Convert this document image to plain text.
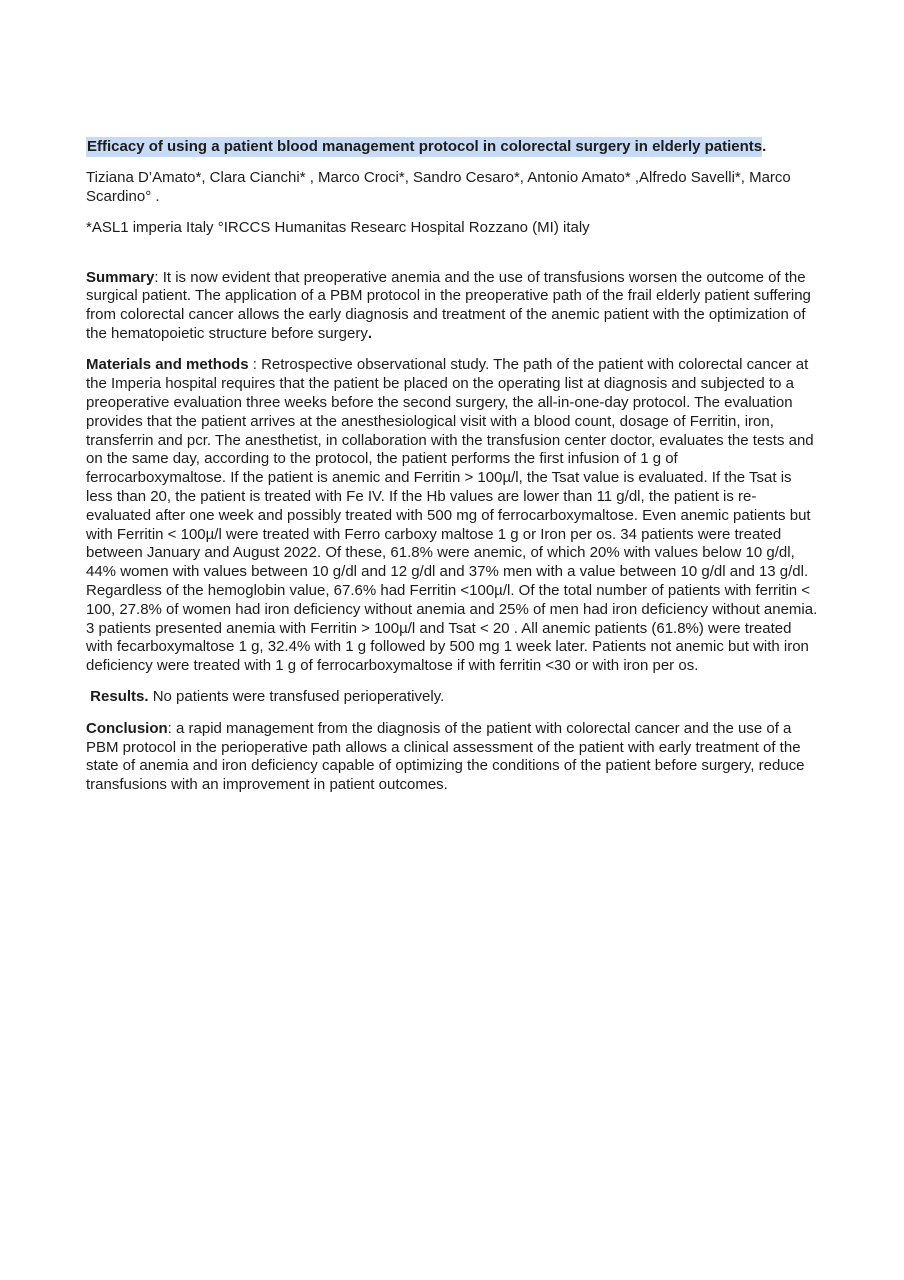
Efficacy of using a patient blood management protocol in colorectal surgery in elderly patients.

Tiziana D’Amato*, Clara Cianchi* , Marco Croci*, Sandro Cesaro*, Antonio Amato* ,Alfredo Savelli*, Marco Scardino° .

*ASL1 imperia Italy °IRCCS Humanitas Researc Hospital Rozzano (MI) italy

Summary: It is now evident that preoperative anemia and the use of transfusions worsen the outcome of the surgical patient. The application of a PBM protocol in the preoperative path of the frail elderly patient suffering from colorectal cancer allows the early diagnosis and treatment of the anemic patient with the optimization of the hematopoietic structure before surgery.

Materials and methods : Retrospective observational study. The path of the patient with colorectal cancer at the Imperia hospital requires that the patient be placed on the operating list at diagnosis and subjected to a preoperative evaluation three weeks before the second surgery, the all-in-one-day protocol. The evaluation provides that the patient arrives at the anesthesiological visit with a blood count, dosage of Ferritin, iron, transferrin and pcr. The anesthetist, in collaboration with the transfusion center doctor, evaluates the tests and on the same day, according to the protocol, the patient performs the first infusion of 1 g of ferrocarboxymaltose. If the patient is anemic and Ferritin > 100µ/l, the Tsat value is evaluated. If the Tsat is less than 20, the patient is treated with Fe IV. If the Hb values are lower than 11 g/dl, the patient is re-evaluated after one week and possibly treated with 500 mg of ferrocarboxymaltose. Even anemic patients but with Ferritin < 100µ/l were treated with Ferro carboxy maltose 1 g or Iron per os. 34 patients were treated between January and August 2022. Of these, 61.8% were anemic, of which 20% with values below 10 g/dl, 44% women with values between 10 g/dl and 12 g/dl and 37% men with a value between 10 g/dl and 13 g/dl. Regardless of the hemoglobin value, 67.6% had Ferritin <100µ/l. Of the total number of patients with ferritin < 100, 27.8% of women had iron deficiency without anemia and 25% of men had iron deficiency without anemia. 3 patients presented anemia with Ferritin > 100µ/l and Tsat < 20 . All anemic patients (61.8%) were treated with fecarboxymaltose 1 g, 32.4% with 1 g followed by 500 mg 1 week later. Patients not anemic but with iron deficiency were treated with 1 g of ferrocarboxymaltose if with ferritin <30 or with iron per os.

Results. No patients were transfused perioperatively.

Conclusion: a rapid management from the diagnosis of the patient with colorectal cancer and the use of a PBM protocol in the perioperative path allows a clinical assessment of the patient with early treatment of the state of anemia and iron deficiency capable of optimizing the conditions of the patient before surgery, reduce transfusions with an improvement in patient outcomes.
